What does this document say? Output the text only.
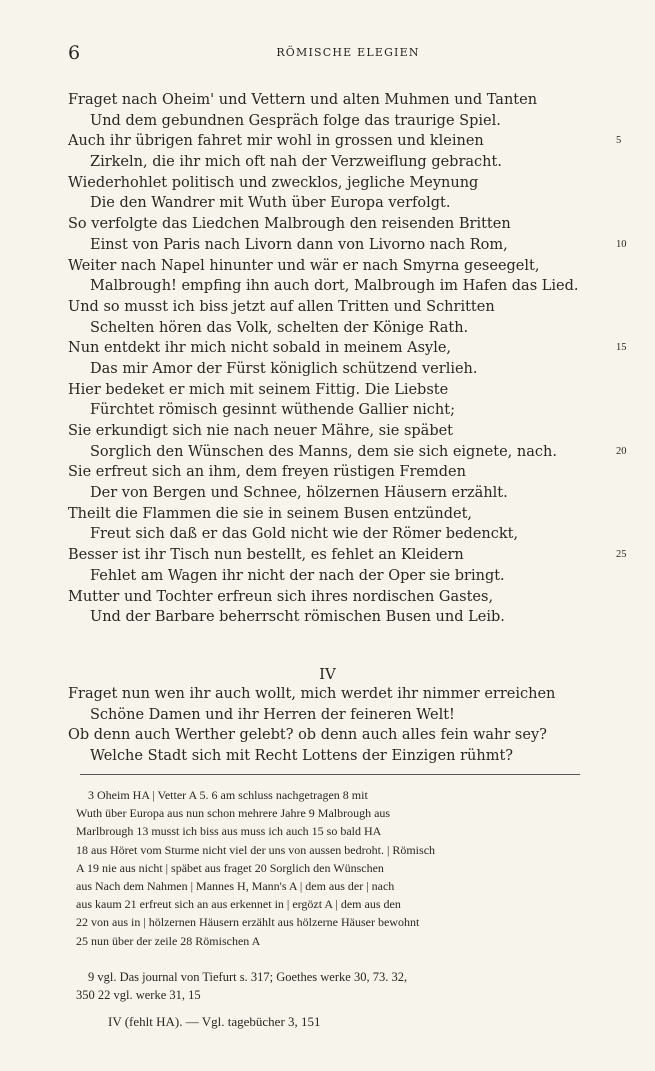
6	RÖMISCHE ELEGIEN
Fraget nach Oheim' und Vettern und alten Muhmen und Tanten
Und dem gebundnen Gespräch folge das traurige Spiel.
Auch ihr übrigen fahret mir wohl in grossen und kleinen	5
Zirkeln, die ihr mich oft nah der Verzweiflung gebracht.
Wiederhohlet politisch und zwecklos, jegliche Meynung
Die den Wandrer mit Wuth über Europa verfolgt.
So verfolgte das Liedchen Malbrough den reisenden Britten
Einst von Paris nach Livorn dann von Livorno nach Rom,	10
Weiter nach Napel hinunter und wär er nach Smyrna geseegelt,
Malbrough! empfing ihn auch dort, Malbrough im Hafen das Lied.
Und so musst ich biss jetzt auf allen Tritten und Schritten
Schelten hören das Volk, schelten der Könige Rath.
Nun entdekt ihr mich nicht sobald in meinem Asyle,	15
Das mir Amor der Fürst königlich schützend verlieh.
Hier bedeket er mich mit seinem Fittig. Die Liebste
Fürchtet römisch gesinnt wüthende Gallier nicht;
Sie erkundigt sich nie nach neuer Mähre, sie späbet
Sorglich den Wünschen des Manns, dem sie sich eignete, nach.	20
Sie erfreut sich an ihm, dem freyen rüstigen Fremden
Der von Bergen und Schnee, hölzernen Häusern erzählt.
Theilt die Flammen die sie in seinem Busen entzündet,
Freut sich daß er das Gold nicht wie der Römer bedenckt,
Besser ist ihr Tisch nun bestellt, es fehlet an Kleidern	25
Fehlet am Wagen ihr nicht der nach der Oper sie bringt.
Mutter und Tochter erfreun sich ihres nordischen Gastes,
Und der Barbare beherrscht römischen Busen und Leib.
IV
Fraget nun wen ihr auch wollt, mich werdet ihr nimmer erreichen
Schöne Damen und ihr Herren der feineren Welt!
Ob denn auch Werther gelebt? ob denn auch alles fein wahr sey?
Welche Stadt sich mit Recht Lottens der Einzigen rühmt?
3 Oheim HA | Vetter A 5. 6 am schluss nachgetragen 8 mit
Wuth über Europa aus nun schon mehrere Jahre 9 Malbrough aus
Marlbrough 13 musst ich biss aus muss ich auch 15 so bald HA
18 aus Höret vom Sturme nicht viel der uns von aussen bedroht. | Römisch
A 19 nie aus nicht | späbet aus fraget 20 Sorglich den Wünschen
aus Nach dem Nahmen | Mannes H, Mann's A | dem aus der | nach
aus kaum 21 erfreut sich an aus erkennet in | ergözt A | dem aus den
22 von aus in | hölzernen Häusern erzählt aus hölzerne Häuser bewohnt
25 nun über der zeile 28 Römischen A
9 vgl. Das journal von Tiefurt s. 317; Goethes werke 30, 73. 32,
350 22 vgl. werke 31, 15
IV (fehlt HA). — Vgl. tagebücher 3, 151
